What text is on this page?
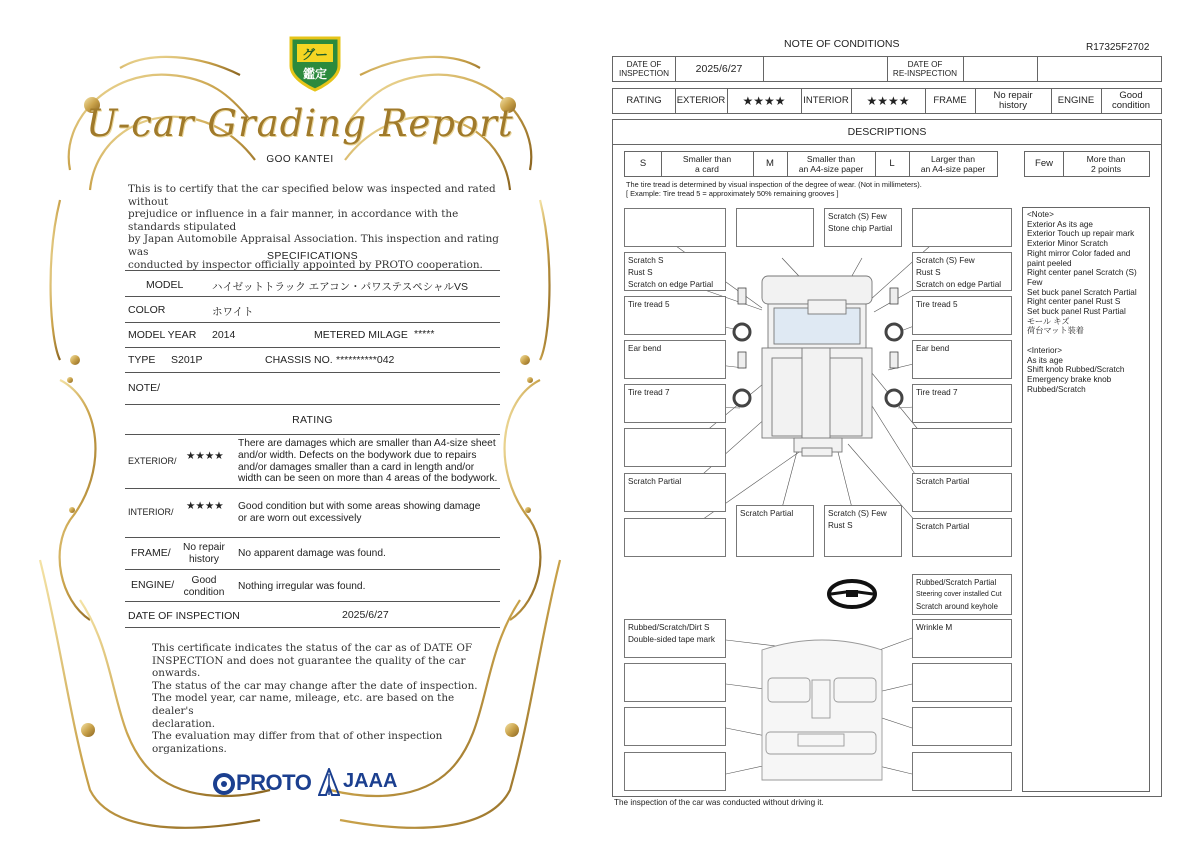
グー
鑑定
U-car Grading Report
GOO KANTEI
This is to certify that the car specified below was inspected and rated without
prejudice or influence in a fair manner, in accordance with the standards stipulated
by Japan Automobile Appraisal Association. This inspection and rating was
conducted by inspector officially appointed by PROTO cooperation.
SPECIFICATIONS
MODEL	ハイゼットトラック エアコン・パワステスペシャルVS
COLOR	ホワイト
MODEL YEAR 2014	METERED MILAGE *****
TYPE S201P	CHASSIS NO. **********042
NOTE/
RATING
EXTERIOR/ ★★★★
There are damages which are smaller than A4-size sheet
and/or width. Defects on the bodywork due to repairs
and/or damages smaller than a card in length and/or
width can be seen on more than 4 areas of the bodywork.
INTERIOR/ ★★★★ Good condition but with some areas showing damage
or are worn out excessively
FRAME/	No repair
history
No apparent damage was found.
ENGINE/	Good
condition
Nothing irregular was found.
DATE OF INSPECTION	2025/6/27
This certificate indicates the status of the car as of DATE OF
INSPECTION and does not guarantee the quality of the car onwards.
The status of the car may change after the date of inspection.
The model year, car name, mileage, etc. are based on the dealer's
declaration.
The evaluation may differ from that of other inspection organizations.
PROTO JAAA
NOTE OF CONDITIONS	R17325F2702
DATE OF
INSPECTION	2025/6/27	DATE OF
RE-INSPECTION
RATING	EXTERIOR	★★★★	INTERIOR	★★★★	FRAME	No repair
history	ENGINE	Good
condition
DESCRIPTIONS
S	Smaller than
a card
M	Smaller than
an A4-size paper
L	Larger than
an A4-size paper
Few	More than
2 points
The tire tread is determined by visual inspection of the degree of wear. (Not in millimeters).
[ Example: Tire tread 5 = approximately 50% remaining grooves ]
Scratch S
Rust S
Scratch on edge Partial
Tire tread 5
Ear bend
Tire tread 7
Scratch Partial
Scratch (S) Few
Stone chip Partial
Scratch Partial	Scratch (S) Few
Rust S
Scratch (S) Few
Rust S
Scratch on edge Partial
Tire tread 5
Ear bend
Tire tread 7
Scratch Partial
Scratch Partial
Rubbed/Scratch Partial
Steering cover installed Cut
Scratch around keyhole
Rubbed/Scratch/Dirt S
Double-sided tape mark
Wrinkle M
<Note>
Exterior As its age
Exterior Touch up repair mark
Exterior Minor Scratch
Right mirror Color faded and
paint peeled
Right center panel Scratch (S)
Few
Set buck panel Scratch Partial
Right center panel Rust S
Set buck panel Rust Partial
モール キズ
荷台マット装着
<Interior>
As its age
Shift knob Rubbed/Scratch
Emergency brake knob
Rubbed/Scratch
The inspection of the car was conducted without driving it.
